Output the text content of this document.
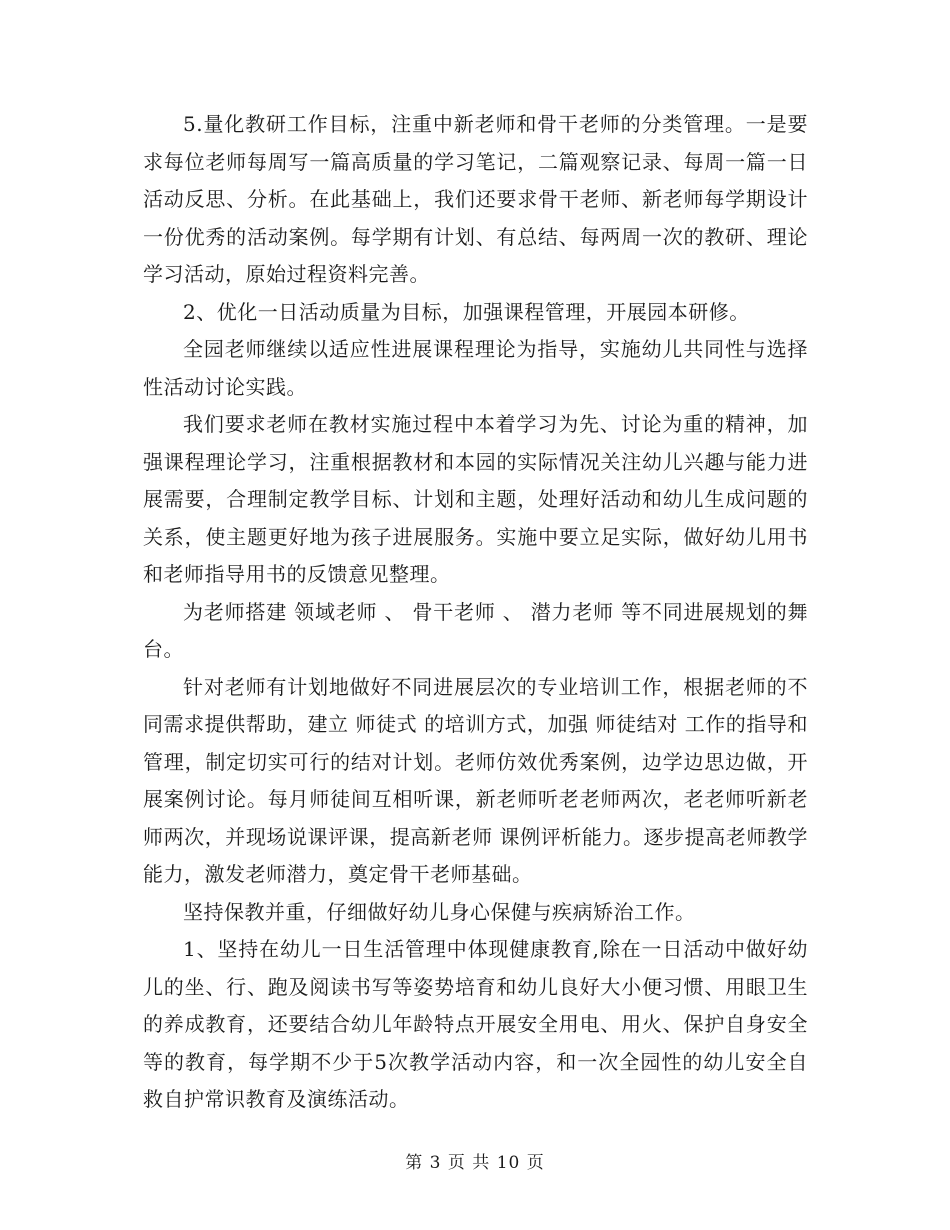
5.量化教研工作目标，注重中新老师和骨干老师的分类管理。一是要求每位老师每周写一篇高质量的学习笔记，二篇观察记录、每周一篇一日活动反思、分析。在此基础上，我们还要求骨干老师、新老师每学期设计一份优秀的活动案例。每学期有计划、有总结、每两周一次的教研、理论学习活动，原始过程资料完善。

2、优化一日活动质量为目标，加强课程管理，开展园本研修。

全园老师继续以适应性进展课程理论为指导，实施幼儿共同性与选择性活动讨论实践。

我们要求老师在教材实施过程中本着学习为先、讨论为重的精神，加强课程理论学习，注重根据教材和本园的实际情况关注幼儿兴趣与能力进展需要，合理制定教学目标、计划和主题，处理好活动和幼儿生成问题的关系，使主题更好地为孩子进展服务。实施中要立足实际，做好幼儿用书和老师指导用书的反馈意见整理。

为老师搭建 领域老师 、 骨干老师 、 潜力老师 等不同进展规划的舞台。

针对老师有计划地做好不同进展层次的专业培训工作，根据老师的不同需求提供帮助，建立 师徒式 的培训方式，加强 师徒结对 工作的指导和管理，制定切实可行的结对计划。老师仿效优秀案例，边学边思边做，开展案例讨论。每月师徒间互相听课，新老师听老老师两次，老老师听新老师两次，并现场说课评课，提高新老师 课例评析能力。逐步提高老师教学能力，激发老师潜力，奠定骨干老师基础。

坚持保教并重，仔细做好幼儿身心保健与疾病矫治工作。

1、坚持在幼儿一日生活管理中体现健康教育,除在一日活动中做好幼儿的坐、行、跑及阅读书写等姿势培育和幼儿良好大小便习惯、用眼卫生的养成教育，还要结合幼儿年龄特点开展安全用电、用火、保护自身安全等的教育，每学期不少于5次教学活动内容，和一次全园性的幼儿安全自救自护常识教育及演练活动。

第 3 页 共 10 页
